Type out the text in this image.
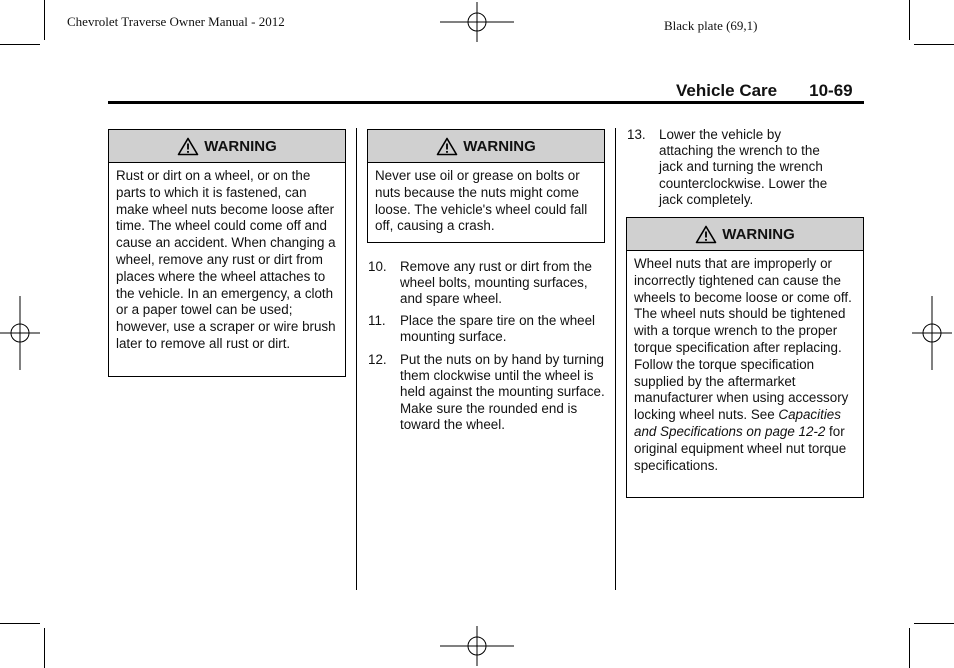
Chevrolet Traverse Owner Manual - 2012	Black plate (69,1)
Vehicle Care 10-69
WARNING
Rust or dirt on a wheel, or on the parts to which it is fastened, can make wheel nuts become loose after time. The wheel could come off and cause an accident. When changing a wheel, remove any rust or dirt from places where the wheel attaches to the vehicle. In an emergency, a cloth or a paper towel can be used; however, use a scraper or wire brush later to remove all rust or dirt.
WARNING
Never use oil or grease on bolts or nuts because the nuts might come loose. The vehicle's wheel could fall off, causing a crash.
10. Remove any rust or dirt from the wheel bolts, mounting surfaces, and spare wheel.
11. Place the spare tire on the wheel mounting surface.
12. Put the nuts on by hand by turning them clockwise until the wheel is held against the mounting surface. Make sure the rounded end is toward the wheel.
13. Lower the vehicle by attaching the wrench to the jack and turning the wrench counterclockwise. Lower the jack completely.
WARNING
Wheel nuts that are improperly or incorrectly tightened can cause the wheels to become loose or come off. The wheel nuts should be tightened with a torque wrench to the proper torque specification after replacing. Follow the torque specification supplied by the aftermarket manufacturer when using accessory locking wheel nuts. See Capacities and Specifications on page 12-2 for original equipment wheel nut torque specifications.
